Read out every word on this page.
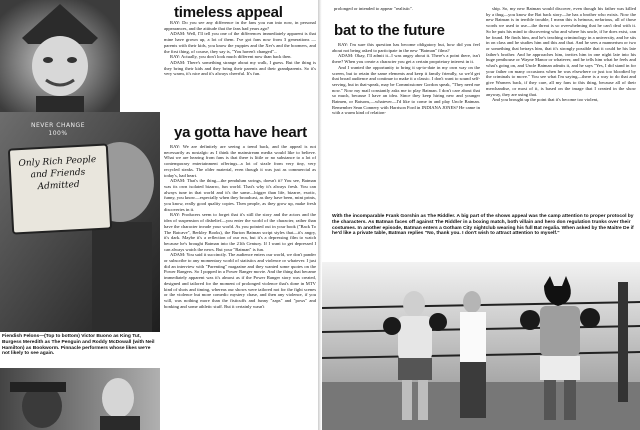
NEVER CHANGE
100%
Only Rich People
and Friends
Admitted
Fiendish Felons—(Top to bottom) Victor Buono as King Tut, Burgess Meredith as The Penguin and Roddy McDowall (with Neil Hamilton) as Bookworm. Pinnacle performers whose likes we're not likely to see again.
timeless appeal

RAY: Do you see any difference in the fans you run into now, in personal appearances, and the attitude that the fans had years ago?

ADAM: Well, I'll tell you one of the differences immediately apparent is that mine have grown up, a lot of them. I've got fans now from 3 generations — parents with their kids, you know the yuppies and the Xer's and the boomers, and the first thing, of course, they say is, "You haven't changed"...

RAY: Actually, you don't look much different now than back then.

ADAM: There's something strange about my walk, I guess. But the thing is they bring their kids and they bring their parents and their grandparents. So it's very warm, it's nice and it's always cheerful. It's fun.

ya gotta have heart

RAY: We are definitely are seeing a trend back, and the appeal is not necessarily as nostalgic as I think the mainstream media would like to believe. What we are hearing from fans is that there is little or no substance to a lot of contemporary entertainment offerings...a lot of sizzle from very tiny, very recycled steaks. The older material, even though it was just as commercial as today's, had heart.

ADAM: That's the thing—the pendulum swings, doesn't it? You see, Batman was its own isolated bizarro, fun world. That's why it's always fresh. You can always tune in that world and it's the same—bigger than life, bizarre, exotic, funny, you know—especially when they broadcast, as they have been, mint prints, you know, really good quality copies. Then people, as they grow up, make fresh discoveries in it.

RAY: Producers seem to forget that it's still the story and the actors and the idea of suspension of disbelief—you enter the world of the character, rather than have the character invade your world. As you pointed out in your book ("Back To The Batcave", Berkley Books), the Burton Batman script styles that—it's angry, it's dark. Maybe it's a reflection of our era, but it's a depressing film to watch because he's brought Batman into the 21th Century. If I want to get depressed I can always watch the news. But your "Batman" is fun.

ADAM: You said it succinctly. The audience enters our world, we don't pander or subscribe to any momentary world of statistics and violence or whatever. I just did an interview with "Parenting" magazine and they wanted some quotes on the Power Rangers. So I popped in a Power Ranger movie. And the thing that became immediately apparent was it's almost as if the Power Ranger story was created, designed and tailored for the moment of prolonged violence that's done in MTV kind of shots and timing, whereas our shows were tailored not for the fight scenes or the violence but more comedic mystery chase, and then any violence, if you will, was nothing more than the fisticuffs and funny "zaps" and "pows" and bonking and some athletic stuff. But it certainly wasn't

prolonged or intended to appear "realistic".
bat to the future

RAY: I'm sure this question has become obligatory but, how did you feel about not being asked to participate in the new "Batman" films?

ADAM: Okay, I'll admit it...I was angry about it. There's a point there, isn't there? When you create a character you get a certain proprietary interest in it.

And I wanted the opportunity to bring it up-to-date in my own way on the screen, but to retain the same elements and keep it family friendly, so we'd get that broad audience and continue to make it a classic. I don't want to sound self-serving, but in that-speak, may be Commissioner Gordon speak, "They need me now." Now my mail constantly asks me to play Batman. I don't care about that so much, because I have an idea. Since they keep hiring new and younger Batmen, or Batsons,—whatever—I'd like to come in and play Uncle Batman. Remember Sean Connery with Harrison Ford in INDIANA JONES? He came in with a warm kind of relation-

ship. So, my new Batman would discover, even though his father was killed by a thug—you know the Bat back story—he has a brother who exists. Now the new Batman is in terrible trouble, I mean this is heinous, nefarious, all of those words we used to use—the threat is so overwhelming that he can't deal with it. So he puts his mind to discovering who and where his uncle, if he does exist, can be found. He finds him, and he's teaching criminology in a university, and he sits in on class and he studies him and this and that. And he sees a mannerism or two or something that betrays him, that it's strongly possible that it could be his late father's brother. And he approaches him, invites him in one night late into his huge penthouse or Wayne Manor or whatever, and he tells him what he feels and what's going on, and Uncle Batman admits it, and he says "Yes, I did stand in for your father on many occasions when he was elsewhere or just too bloodied by the criminals to move." You see what I'm saying—there is a way to do that and give Warners back, if they care, all my fans to this thing, because all of their merchandise, or most of it, is based on the image that I created in the show anyway, they are using that.

And you brought up the point that it's become too violent,

With the incomparable Frank Gorshin as The Riddler. A big part of the shows appeal was the camp attention to proper protocol by the characters. As Batman faces off against The Riddler in a boxing match, both villain and hero don regulation trunks over their costumes. In another episode, Batman enters a Gotham City nightclub wearing his full Bat regalia. When asked by the Maitre De if he'd like a private table, Batman replies "No, thank you. I don't wish to attract attention to myself."
